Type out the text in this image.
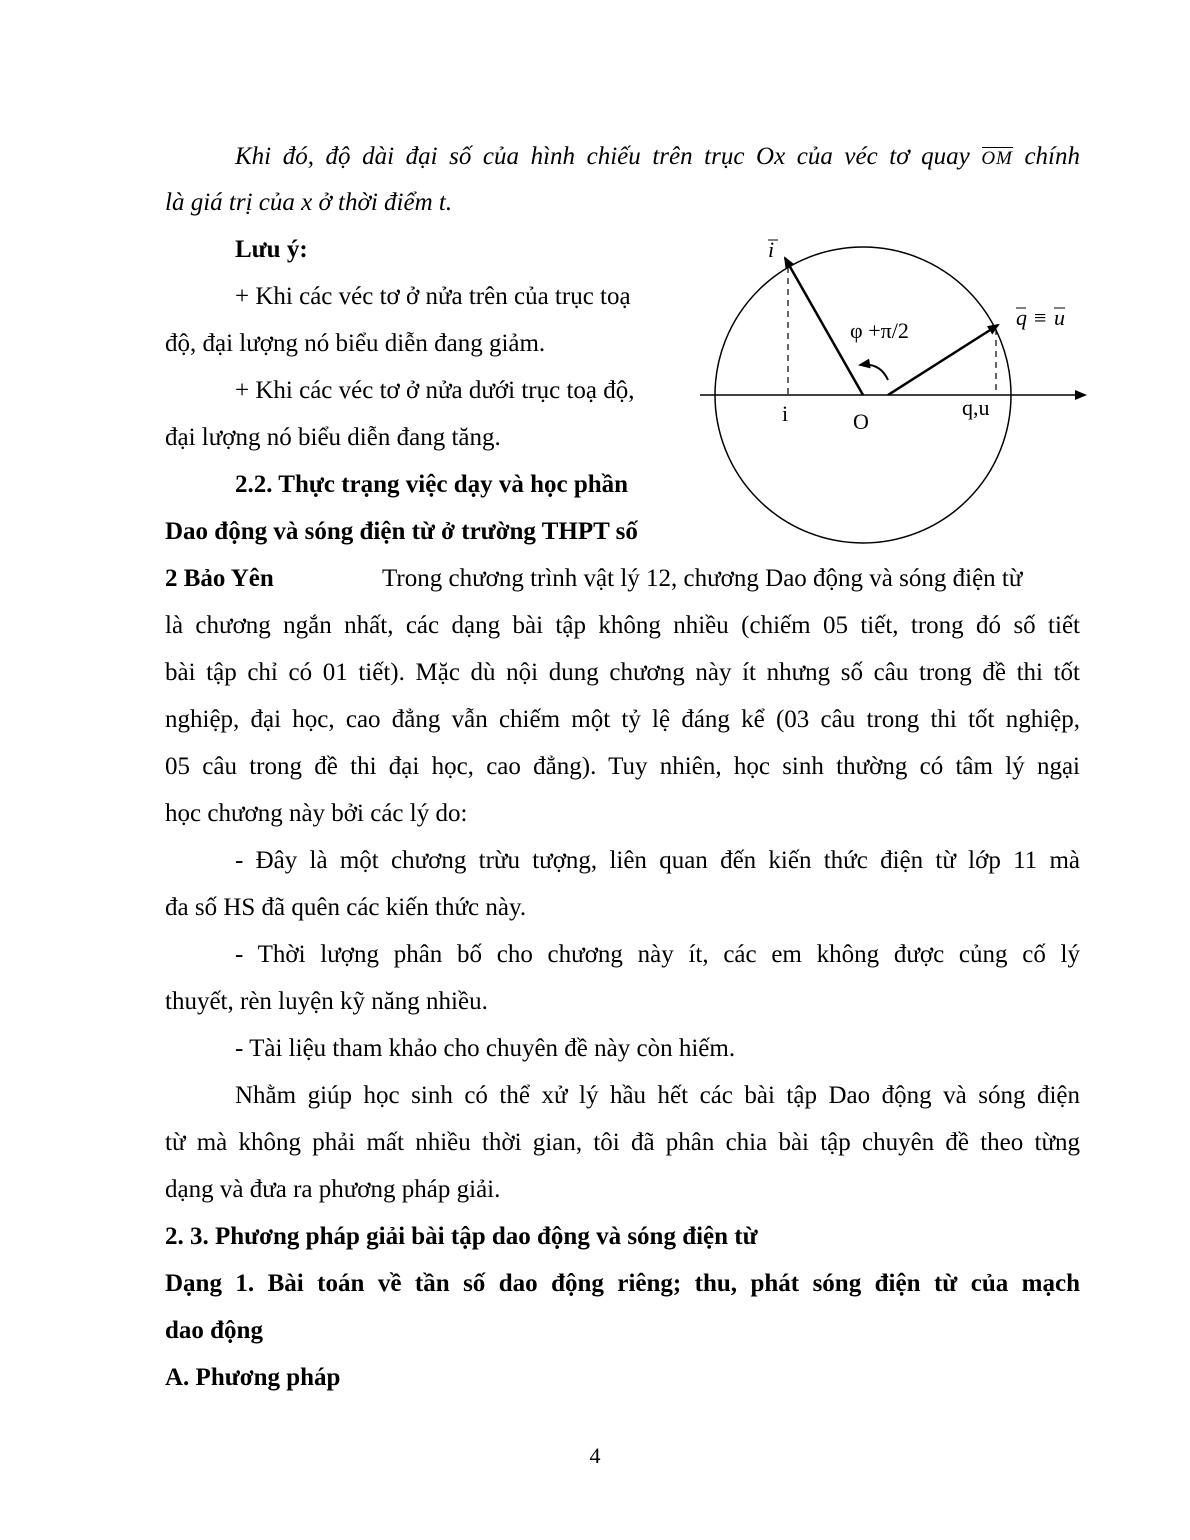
Khi đó, độ dài đại số của hình chiếu trên trục Ox của véc tơ quay OM chính
là giá trị của x ở thời điểm t.
Lưu ý:
+ Khi các véc tơ ở nửa trên của trục toạ
độ, đại lượng nó biểu diễn đang giảm.
+ Khi các véc tơ ở nửa dưới trục toạ độ,
đại lượng nó biểu diễn đang tăng.
i
q ≡ u
φ +π/2
i	O
q,u
2.2. Thực trạng việc dạy và học phần
Dao động và sóng điện từ ở trường THPT số
2 Bảo Yên	Trong chương trình vật lý 12, chương Dao động và sóng điện từ
là chương ngắn nhất, các dạng bài tập không nhiều (chiếm 05 tiết, trong đó số tiết
bài tập chỉ có 01 tiết). Mặc dù nội dung chương này ít nhưng số câu trong đề thi tốt
nghiệp, đại học, cao đẳng vẫn chiếm một tỷ lệ đáng kể (03 câu trong thi tốt nghiệp,
05 câu trong đề thi đại học, cao đẳng). Tuy nhiên, học sinh thường có tâm lý ngại
học chương này bởi các lý do:
- Đây là một chương trừu tượng, liên quan đến kiến thức điện từ lớp 11 mà
đa số HS đã quên các kiến thức này.
- Thời lượng phân bố cho chương này ít, các em không được củng cố lý
thuyết, rèn luyện kỹ năng nhiều.
- Tài liệu tham khảo cho chuyên đề này còn hiếm.
Nhằm giúp học sinh có thể xử lý hầu hết các bài tập Dao động và sóng điện
từ mà không phải mất nhiều thời gian, tôi đã phân chia bài tập chuyên đề theo từng
dạng và đưa ra phương pháp giải.
2. 3. Phương pháp giải bài tập dao động và sóng điện từ
Dạng 1. Bài toán về tần số dao động riêng; thu, phát sóng điện từ của mạch
dao động
A. Phương pháp
4
